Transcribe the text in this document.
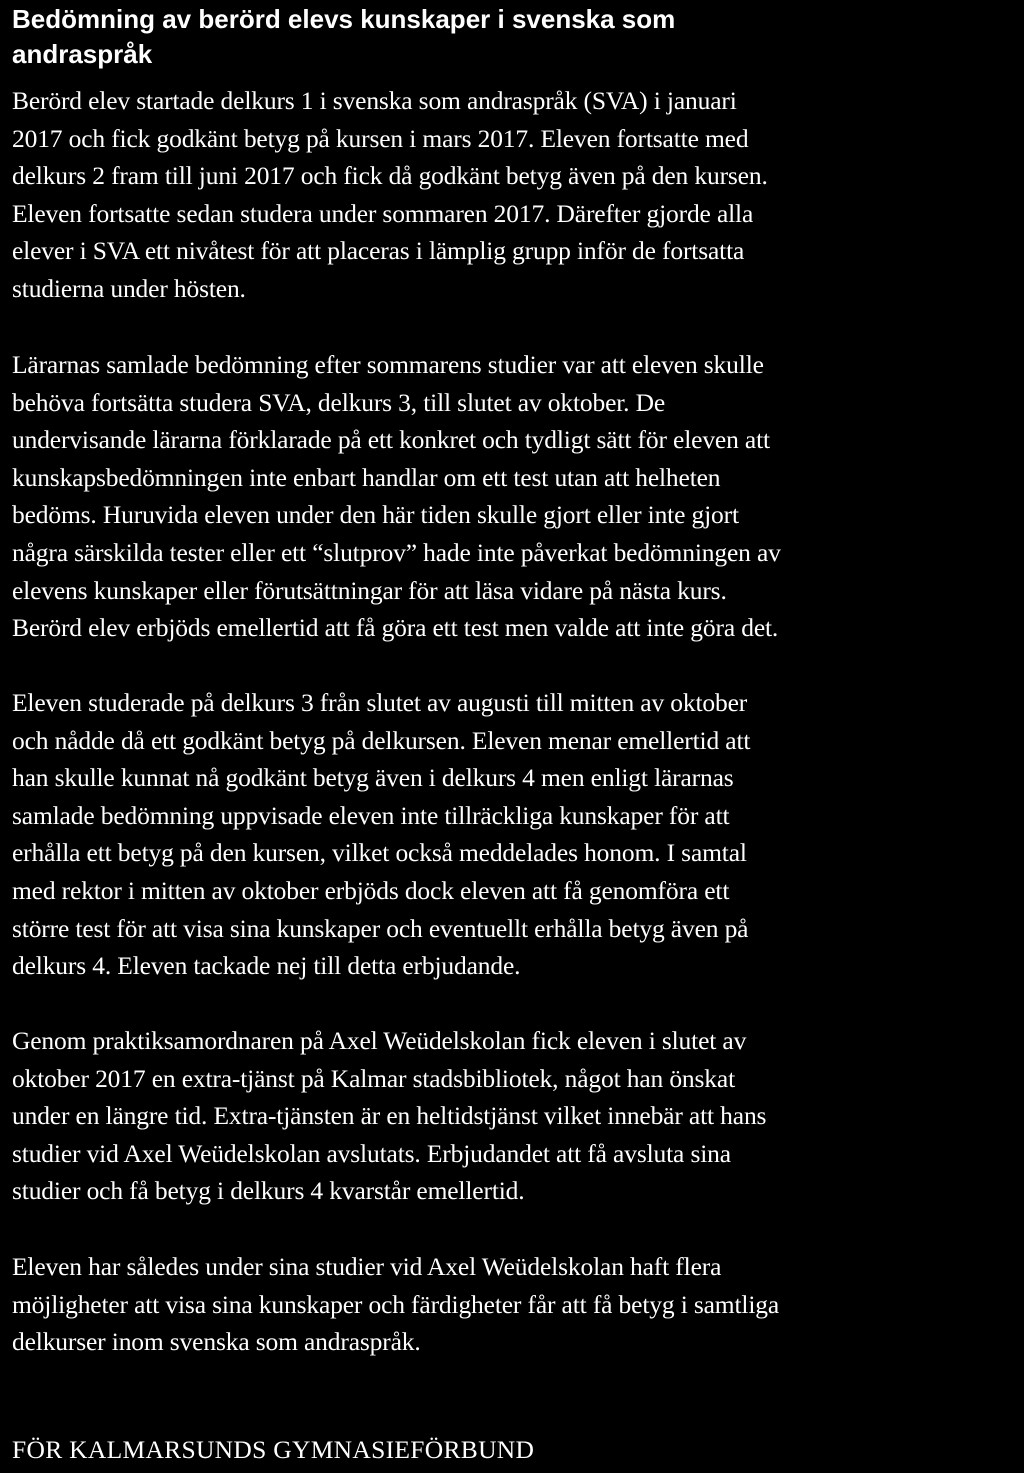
Bedömning av berörd elevs kunskaper i svenska som
andraspråk

Berörd elev startade delkurs 1 i svenska som andraspråk (SVA) i januari
2017 och fick godkänt betyg på kursen i mars 2017. Eleven fortsatte med
delkurs 2 fram till juni 2017 och fick då godkänt betyg även på den kursen.
Eleven fortsatte sedan studera under sommaren 2017. Därefter gjorde alla
elever i SVA ett nivåtest för att placeras i lämplig grupp inför de fortsatta
studierna under hösten.

Lärarnas samlade bedömning efter sommarens studier var att eleven skulle
behöva fortsätta studera SVA, delkurs 3, till slutet av oktober. De
undervisande lärarna förklarade på ett konkret och tydligt sätt för eleven att
kunskapsbedömningen inte enbart handlar om ett test utan att helheten
bedöms. Huruvida eleven under den här tiden skulle gjort eller inte gjort
några särskilda tester eller ett “slutprov” hade inte påverkat bedömningen av
elevens kunskaper eller förutsättningar för att läsa vidare på nästa kurs.
Berörd elev erbjöds emellertid att få göra ett test men valde att inte göra det.

Eleven studerade på delkurs 3 från slutet av augusti till mitten av oktober
och nådde då ett godkänt betyg på delkursen. Eleven menar emellertid att
han skulle kunnat nå godkänt betyg även i delkurs 4 men enligt lärarnas
samlade bedömning uppvisade eleven inte tillräckliga kunskaper för att
erhålla ett betyg på den kursen, vilket också meddelades honom. I samtal
med rektor i mitten av oktober erbjöds dock eleven att få genomföra ett
större test för att visa sina kunskaper och eventuellt erhålla betyg även på
delkurs 4. Eleven tackade nej till detta erbjudande.

Genom praktiksamordnaren på Axel Weüdelskolan fick eleven i slutet av
oktober 2017 en extra-tjänst på Kalmar stadsbibliotek, något han önskat
under en längre tid. Extra-tjänsten är en heltidstjänst vilket innebär att hans
studier vid Axel Weüdelskolan avslutats. Erbjudandet att få avsluta sina
studier och få betyg i delkurs 4 kvarstår emellertid.

Eleven har således under sina studier vid Axel Weüdelskolan haft flera
möjligheter att visa sina kunskaper och färdigheter får att få betyg i samtliga
delkurser inom svenska som andraspråk.

FÖR KALMARSUNDS GYMNASIEFÖRBUND
